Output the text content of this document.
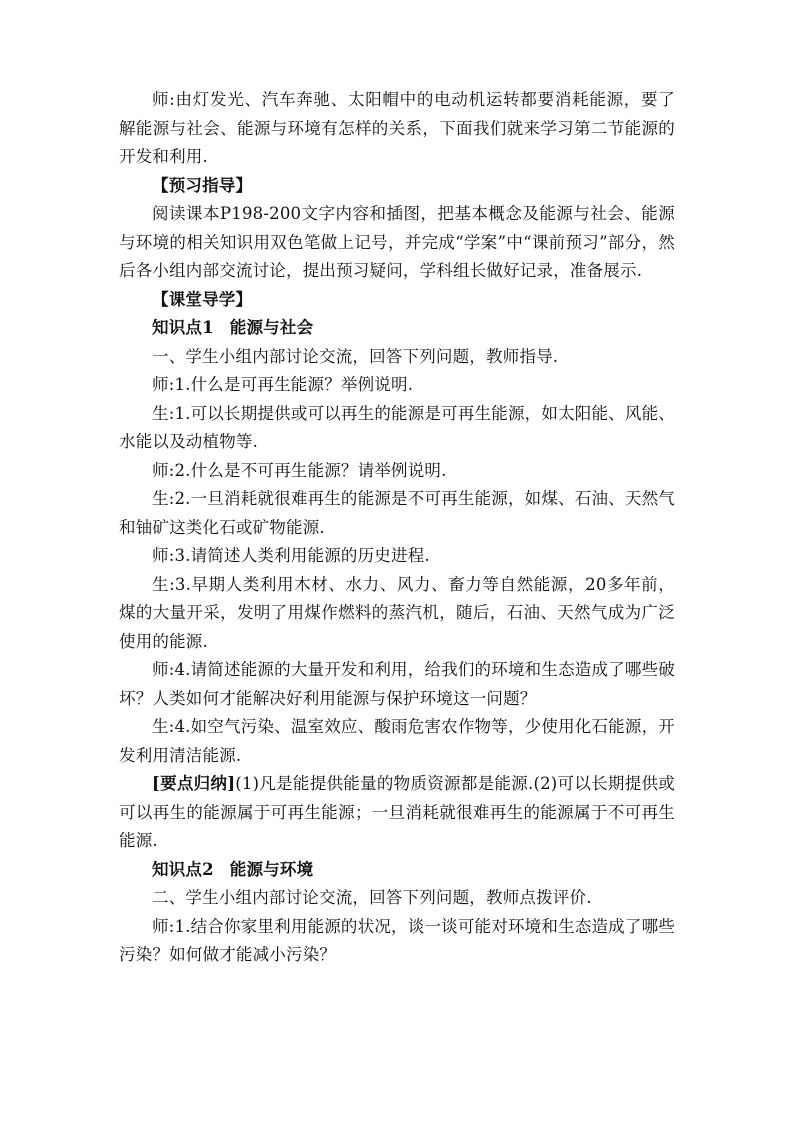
师:由灯发光、汽车奔驰、太阳帽中的电动机运转都要消耗能源，要了解能源与社会、能源与环境有怎样的关系，下面我们就来学习第二节能源的开发和利用.

【预习指导】

阅读课本P198-200文字内容和插图，把基本概念及能源与社会、能源与环境的相关知识用双色笔做上记号，并完成“学案”中“课前预习”部分，然后各小组内部交流讨论，提出预习疑问，学科组长做好记录，准备展示.

【课堂导学】

知识点1 能源与社会

一、学生小组内部讨论交流，回答下列问题，教师指导.

师:1.什么是可再生能源？举例说明.

生:1.可以长期提供或可以再生的能源是可再生能源，如太阳能、风能、水能以及动植物等.

师:2.什么是不可再生能源？请举例说明.

生:2.一旦消耗就很难再生的能源是不可再生能源，如煤、石油、天然气和铀矿这类化石或矿物能源.

师:3.请简述人类利用能源的历史进程.

生:3.早期人类利用木材、水力、风力、畜力等自然能源，20多年前，煤的大量开采，发明了用煤作燃料的蒸汽机，随后，石油、天然气成为广泛使用的能源.

师:4.请简述能源的大量开发和利用，给我们的环境和生态造成了哪些破坏？人类如何才能解决好利用能源与保护环境这一问题？

生:4.如空气污染、温室效应、酸雨危害农作物等，少使用化石能源，开发利用清洁能源.

[要点归纳](1)凡是能提供能量的物质资源都是能源.(2)可以长期提供或可以再生的能源属于可再生能源；一旦消耗就很难再生的能源属于不可再生能源.

知识点2 能源与环境

二、学生小组内部讨论交流，回答下列问题，教师点拨评价.

师:1.结合你家里利用能源的状况，谈一谈可能对环境和生态造成了哪些污染？如何做才能减小污染？
